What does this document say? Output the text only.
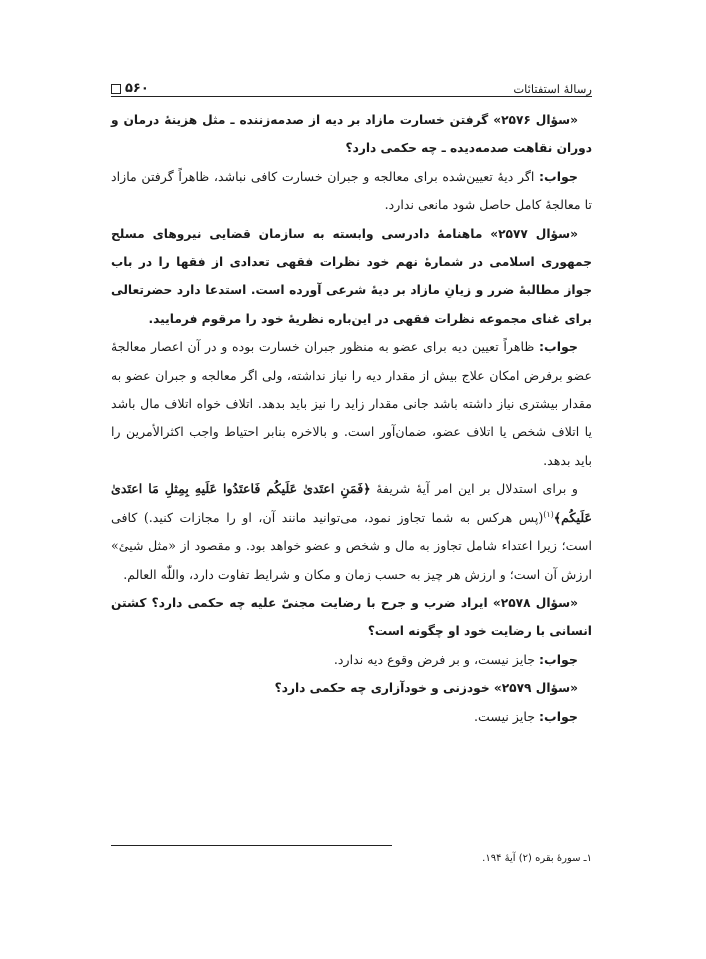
رسالهٔ استفتائات
۵۶۰

«سؤال ۲۵۷۶» گرفتن خسارت مازاد بر دیه از صدمه‌زننده ـ مثل هزینهٔ درمان و دوران نقاهت صدمه‌دیده ـ چه حکمی دارد؟

جواب: اگر دیهٔ تعیین‌شده برای معالجه و جبران خسارت کافی نباشد، ظاهراً گرفتن مازاد تا معالجهٔ کامل حاصل شود مانعی ندارد.

«سؤال ۲۵۷۷» ماهنامهٔ دادرسی وابسته به سازمان قضایی نیروهای مسلح جمهوری اسلامی در شمارهٔ نهم خود نظرات فقهی تعدادی از فقها را در باب جواز مطالبهٔ ضرر و زیانِ مازاد بر دیهٔ شرعی آورده است. استدعا دارد حضرتعالی برای غنای مجموعه نظرات فقهی در این‌باره نظریهٔ خود را مرقوم فرمایید.

جواب: ظاهراً تعیین دیه برای عضو به منظور جبران خسارت بوده و در آن اعصار معالجهٔ عضو برفرض امکان علاج بیش از مقدار دیه را نیاز نداشته، ولی اگر معالجه و جبران عضو به مقدار بیشتری نیاز داشته باشد جانی مقدار زاید را نیز باید بدهد. اتلاف خواه اتلاف مال باشد یا اتلاف شخص یا اتلاف عضو، ضمان‌آور است. و بالاخره بنابر احتیاط واجب اکثرالأمرین را باید بدهد.

و برای استدلال بر این امر آیهٔ شریفهٔ ﴿فَمَنِ اعتَدیٰ عَلَیکُم فَاعتَدُوا عَلَیهِ بِمِثلِ مَا اعتَدیٰ عَلَیکُم﴾$^{(۱)}$(پس هرکس به شما تجاوز نمود، می‌توانید مانند آن، او را مجازات کنید.) کافی است؛ زیرا اعتداء شامل تجاوز به مال و شخص و عضو خواهد بود. و مقصود از «مثل شیئ» ارزش آن است؛ و ارزش هر چیز به حسب زمان و مکان و شرایط تفاوت دارد، واللّٰه العالم.

«سؤال ۲۵۷۸» ایراد ضرب و جرح با رضایت مجنیّ علیه چه حکمی دارد؟ کشتن انسانی با رضایت خود او چگونه است؟

جواب: جایز نیست، و بر فرض وقوع دیه ندارد.

«سؤال ۲۵۷۹» خودزنی و خودآزاری چه حکمی دارد؟

جواب: جایز نیست.

۱ـ سورهٔ بقره (۲) آیهٔ ۱۹۴.
